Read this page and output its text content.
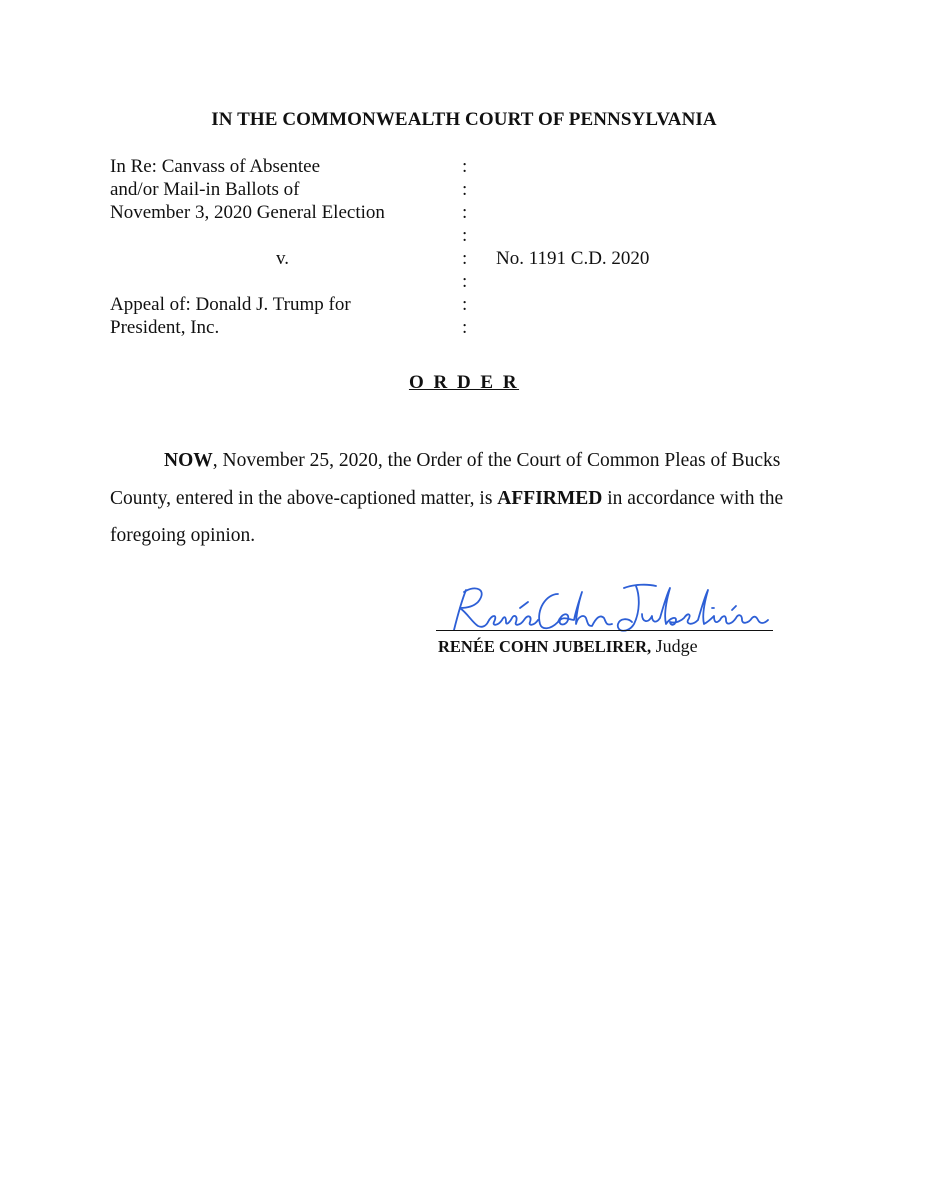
IN THE COMMONWEALTH COURT OF PENNSYLVANIA
In Re: Canvass of Absentee
and/or Mail-in Ballots of
November 3, 2020 General Election
v.
Appeal of: Donald J. Trump for
President, Inc.
:
:
:
:
:
:
:
:
No. 1191 C.D. 2020
O R D E R

NOW, November 25, 2020, the Order of the Court of Common Pleas of Bucks County, entered in the above-captioned matter, is AFFIRMED in accordance with the foregoing opinion.

RENÉE COHN JUBELIRER, Judge
